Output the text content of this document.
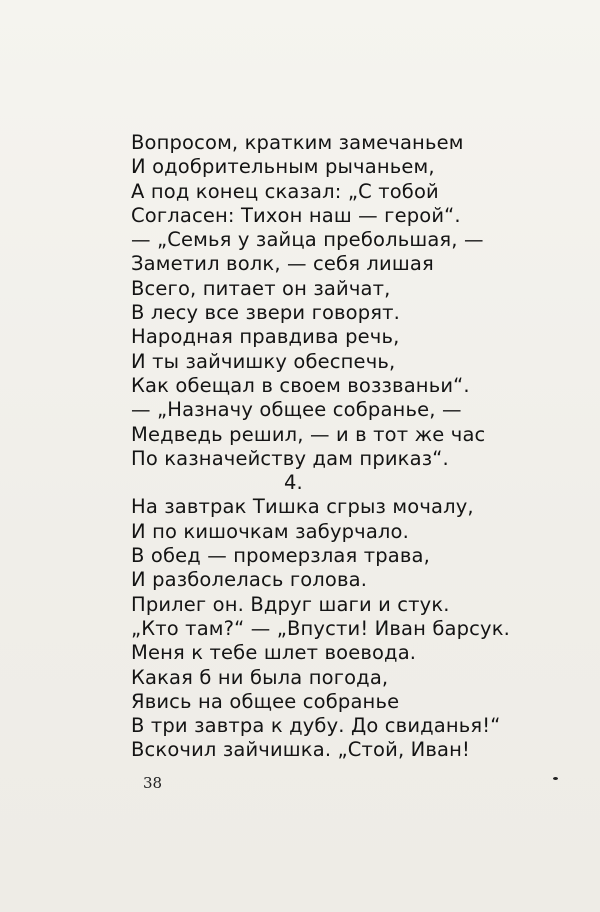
Вопросом, кратким замечаньем
И одобрительным рычаньем,
А под конец сказал: „С тобой
Согласен: Тихон наш — герой“.
— „Семья у зайца пребольшая, —
Заметил волк, — себя лишая
Всего, питает он зайчат,
В лесу все звери говорят.
Народная правдива речь,
И ты зайчишку обеспечь,
Как обещал в своем воззваньи“.
— „Назначу общее собранье, —
Медведь решил, — и в тот же час
По казначейству дам приказ“.
4.
На завтрак Тишка сгрыз мочалу,
И по кишочкам забурчало.
В обед — промерзлая трава,
И разболелась голова.
Прилег он. Вдруг шаги и стук.
„Кто там?“ — „Впусти! Иван барсук.
Меня к тебе шлет воевода.
Какая б ни была погода,
Явись на общее собранье
В три завтра к дубу. До свиданья!“
Вскочил зайчишка. „Стой, Иван!
38
